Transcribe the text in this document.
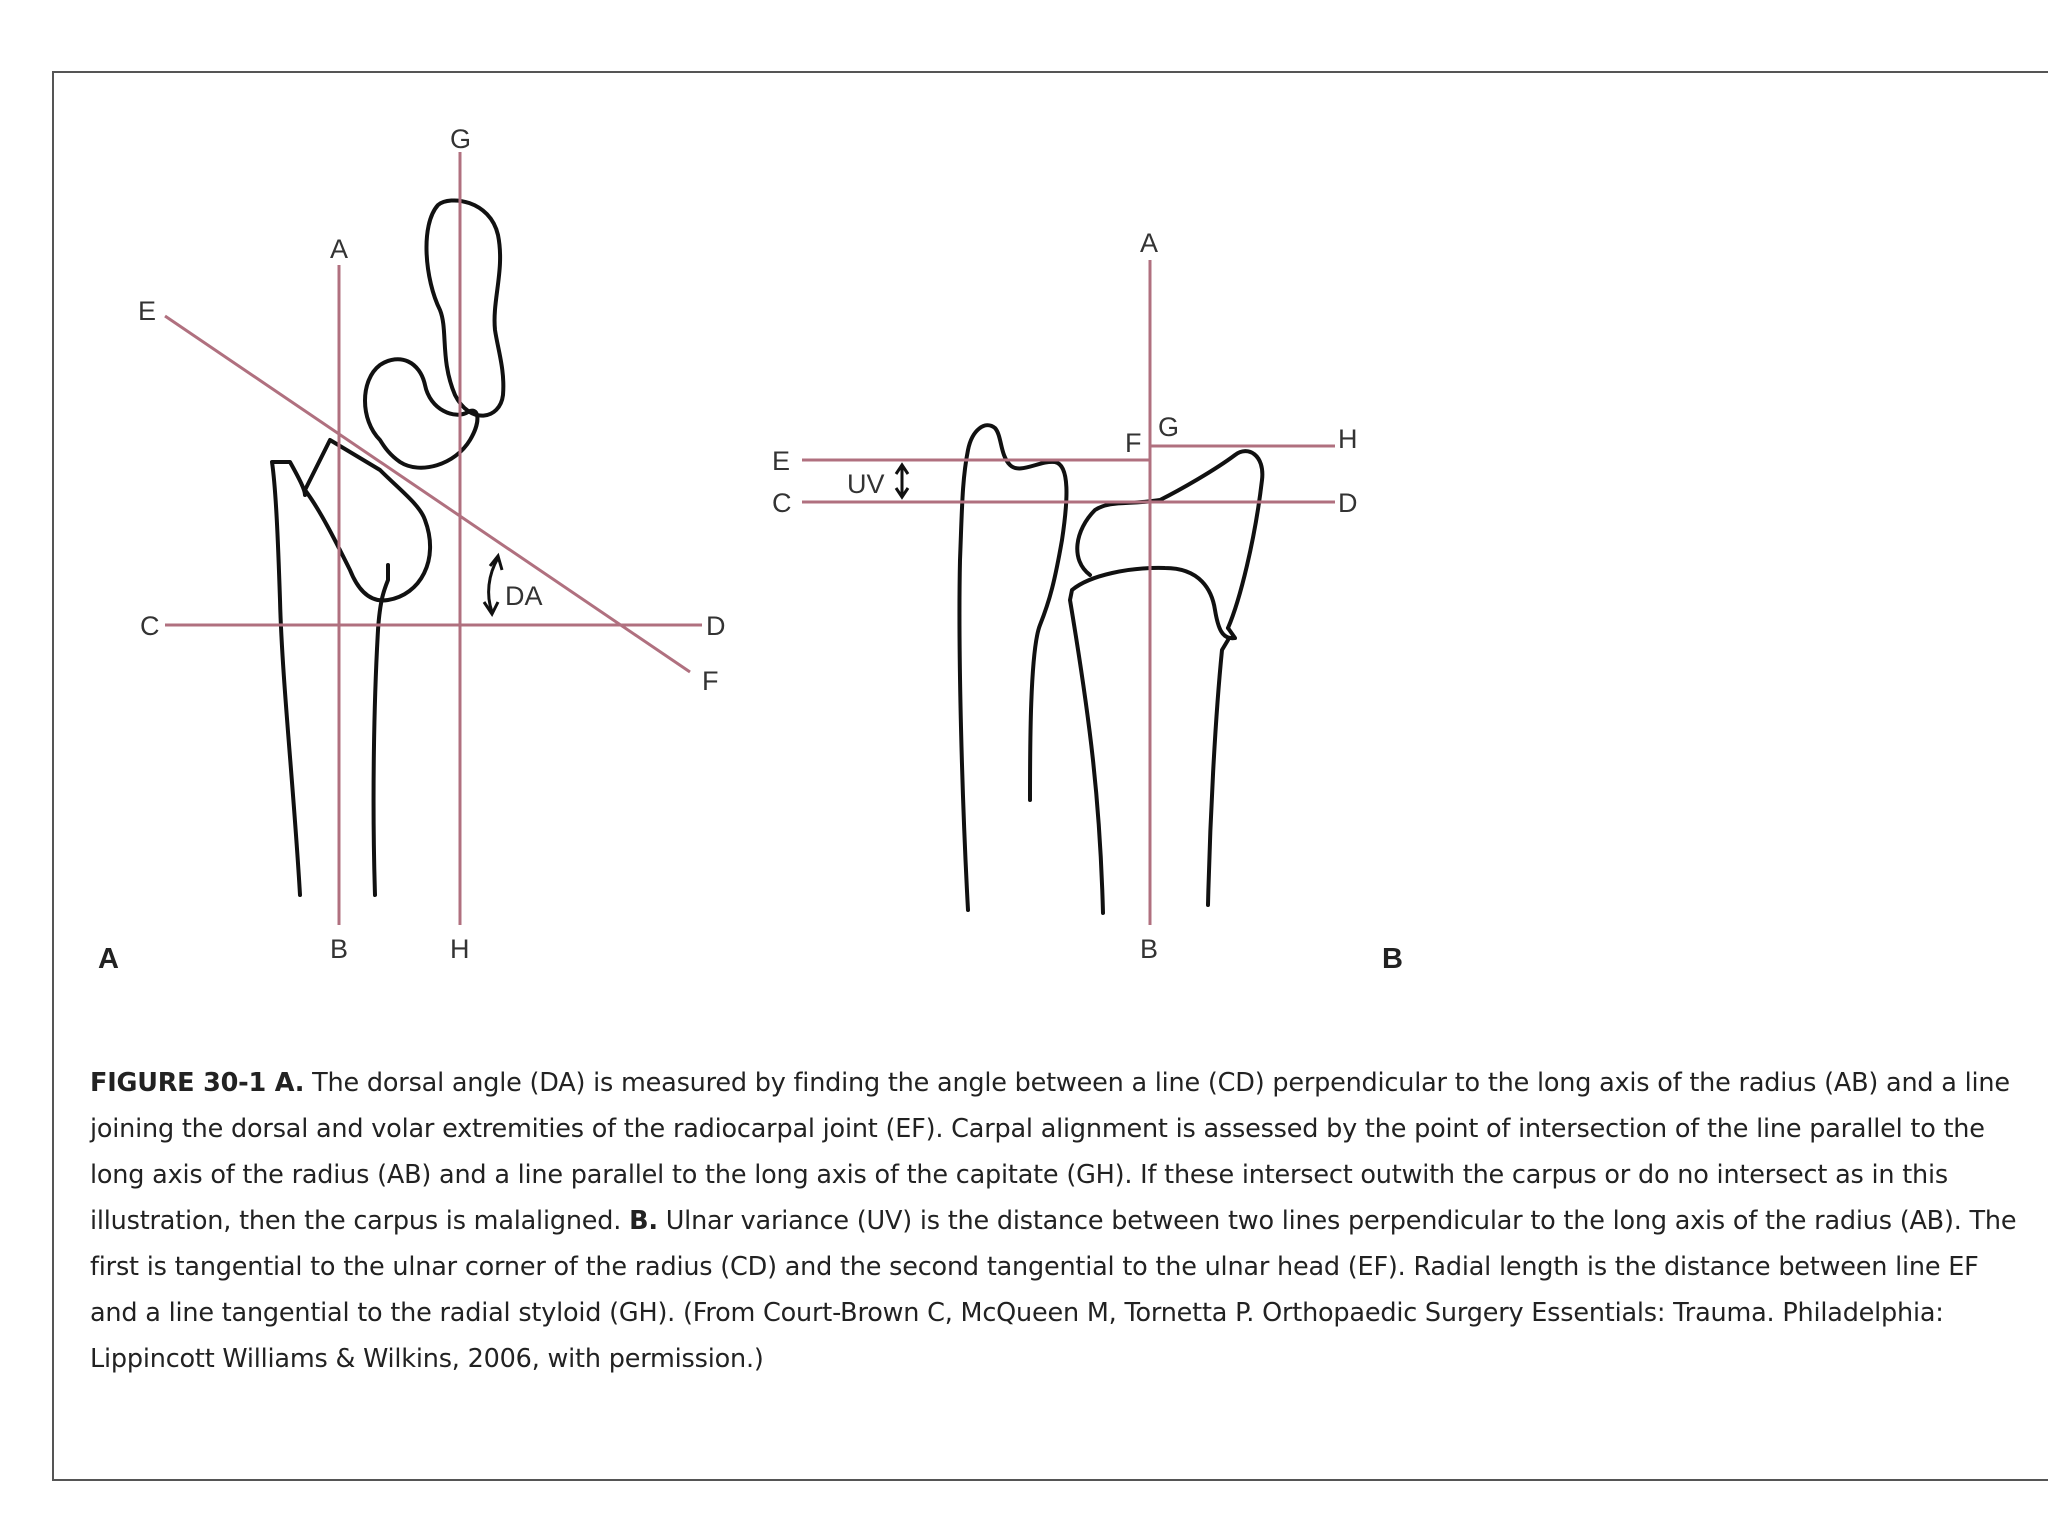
A
B
G
H
C	D
E
F
DA
A
A
B
E
C
F
G	H
D
UV
B
FIGURE 30-1 A. The dorsal angle (DA) is measured by finding the angle between a line (CD) perpendicular to the long axis of the radius (AB) and a line joining the dorsal and volar extremities of the radiocarpal joint (EF). Carpal alignment is assessed by the point of intersection of the line parallel to the long axis of the radius (AB) and a line parallel to the long axis of the capitate (GH). If these intersect outwith the carpus or do no intersect as in this illustration, then the carpus is malaligned. B. Ulnar variance (UV) is the distance between two lines perpendicular to the long axis of the radius (AB). The first is tangential to the ulnar corner of the radius (CD) and the second tangential to the ulnar head (EF). Radial length is the distance between line EF and a line tangential to the radial styloid (GH). (From Court-Brown C, McQueen M, Tornetta P. Orthopaedic Surgery Essentials: Trauma. Philadelphia: Lippincott Williams & Wilkins, 2006, with permission.)
